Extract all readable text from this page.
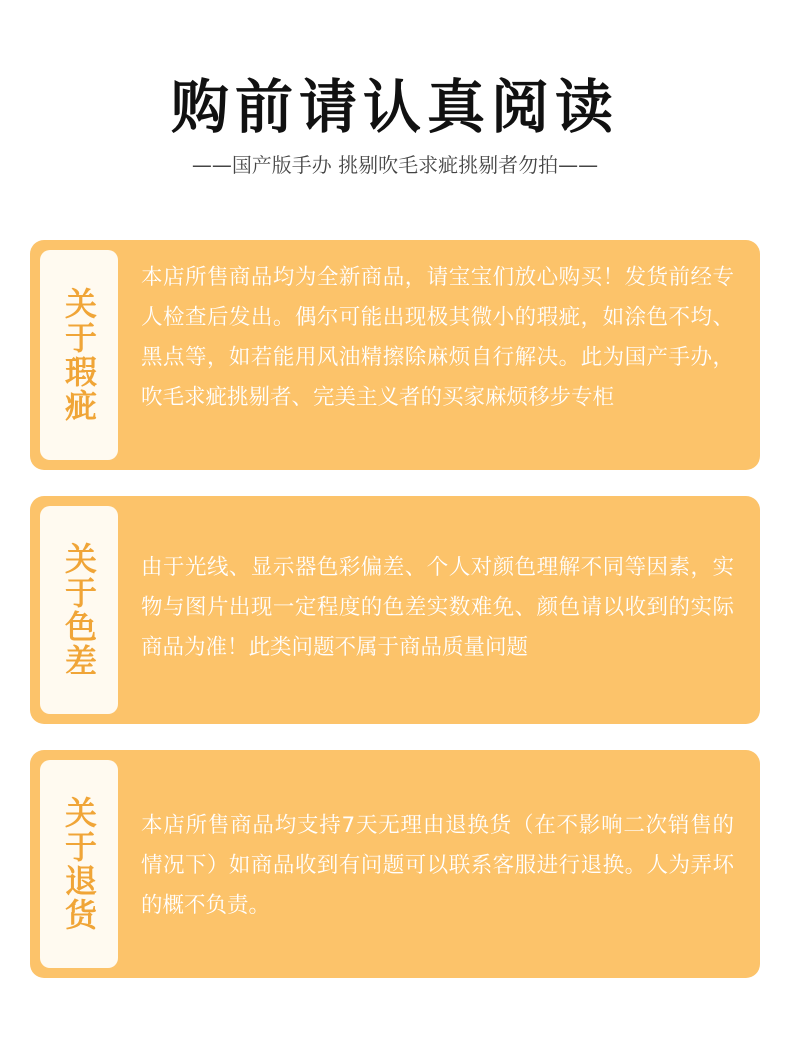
购前请认真阅读
——国产版手办 挑剔吹毛求疵挑剔者勿拍——
关于瑕疵
本店所售商品均为全新商品，请宝宝们放心购买！发货前经专人检查后发出。偶尔可能出现极其微小的瑕疵，如涂色不均、黑点等，如若能用风油精擦除麻烦自行解决。此为国产手办，吹毛求疵挑剔者、完美主义者的买家麻烦移步专柜
关于色差 由于光线、显示器色彩偏差、个人对颜色理解不同等因素，实物与图片出现一定程度的色差实数难免、颜色请以收到的实际商品为准！此类问题不属于商品质量问题
关于退货 本店所售商品均支持7天无理由退换货（在不影响二次销售的情况下）如商品收到有问题可以联系客服进行退换。人为弄坏的概不负责。
